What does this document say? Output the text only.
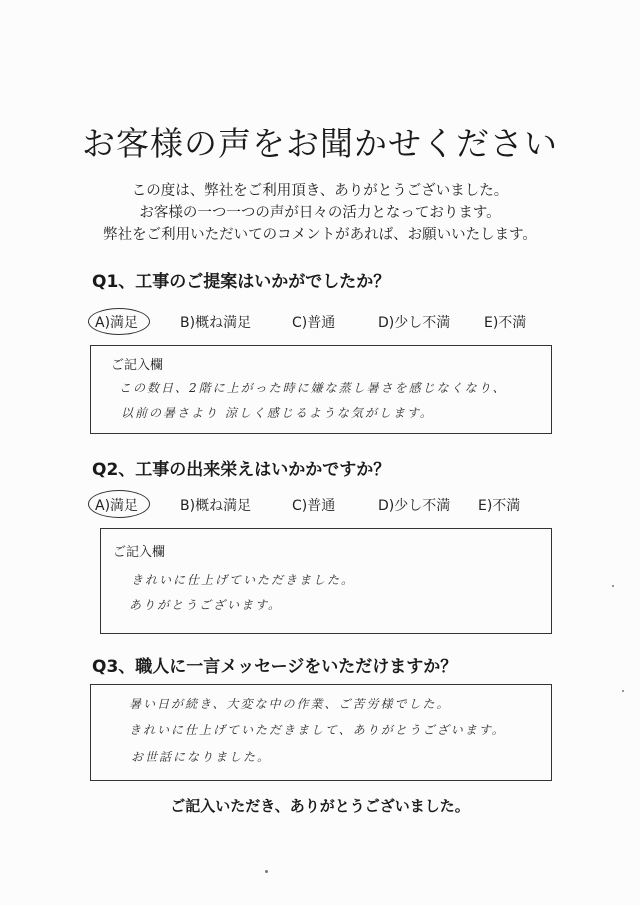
お客様の声をお聞かせください
この度は、弊社をご利用頂き、ありがとうございました。
お客様の一つ一つの声が日々の活力となっております。
弊社をご利用いただいてのコメントがあれば、お願いいたします。
Q1、工事のご提案はいかがでしたか？
A)満足	B)概ね満足	C)普通	D)少し不満 E)不満
ご記入欄
この数日、2階に上がった時に嫌な蒸し暑さを感じなくなり、
以前の暑さより 涼しく感じるような気がします。
Q2、工事の出来栄えはいかかですか？
A)満足	B)概ね満足	C)普通	D)少し不満 E)不満
ご記入欄
きれいに仕上げていただきました。
ありがとうございます。
Q3、職人に一言メッセージをいただけますか？
暑い日が続き、大変な中の作業、ご苦労様でした。
きれいに仕上げていただきまして、ありがとうございます。
お世話になりました。
ご記入いただき、ありがとうございました。
